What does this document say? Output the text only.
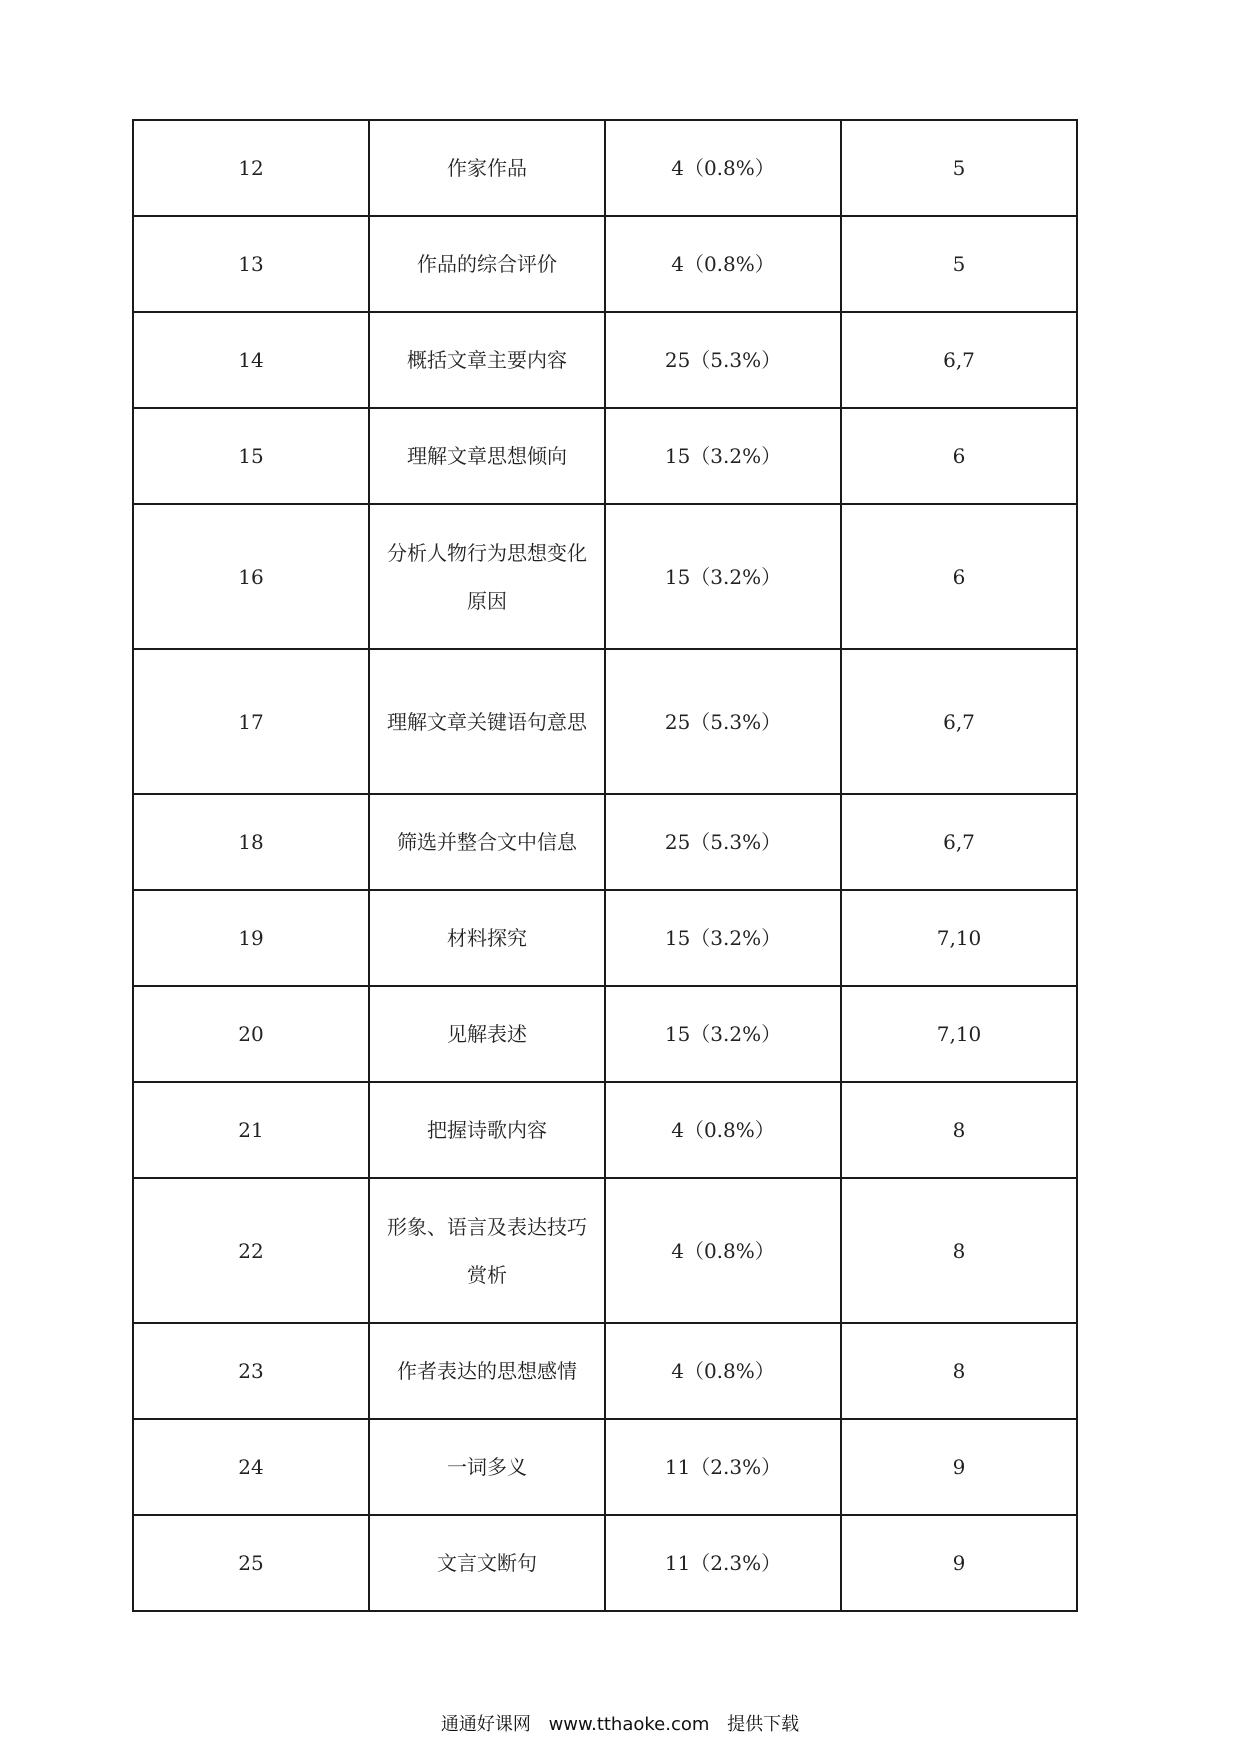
12	作家作品	4（0.8%）	5
13	作品的综合评价	4（0.8%）	5
14	概括文章主要内容	25（5.3%）	6,7
15	理解文章思想倾向	15（3.2%）	6
16	分析人物行为思想变化原因	15（3.2%）	6
17	理解文章关键语句意思	25（5.3%）	6,7
18	筛选并整合文中信息	25（5.3%）	6,7
19	材料探究	15（3.2%）	7,10
20	见解表述	15（3.2%）	7,10
21	把握诗歌内容	4（0.8%）	8
22	形象、语言及表达技巧赏析	4（0.8%）	8
23	作者表达的思想感情	4（0.8%）	8
24	一词多义	11（2.3%）	9
25	文言文断句	11（2.3%）	9
通通好课网 www.tthaoke.com 提供下载
